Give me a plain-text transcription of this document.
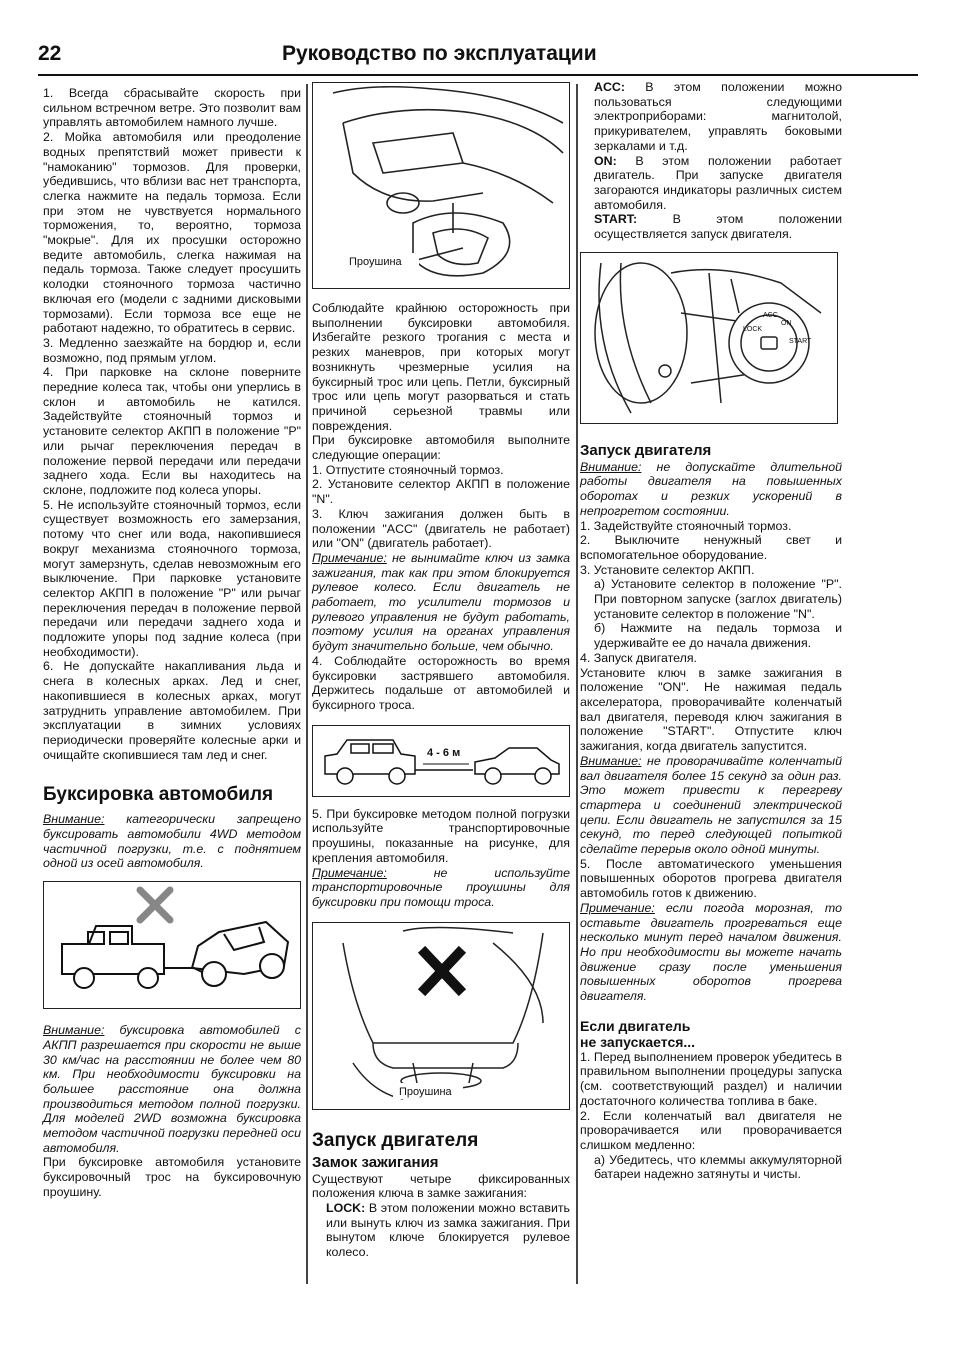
22	Руководство по эксплуатации

1. Всегда сбрасывайте скорость при сильном встречном ветре. Это позволит вам управлять автомобилем намного лучше.

2. Мойка автомобиля или преодоление водных препятствий может привести к "намоканию" тормозов. Для проверки, убедившись, что вблизи вас нет транспорта, слегка нажмите на педаль тормоза. Если при этом не чувствуется нормального торможения, то, вероятно, тормоза "мокрые". Для их просушки осторожно ведите автомобиль, слегка нажимая на педаль тормоза. Также следует просушить колодки стояночного тормоза частично включая его (модели с задними дисковыми тормозами). Если тормоза все еще не работают надежно, то обратитесь в сервис.

3. Медленно заезжайте на бордюр и, если возможно, под прямым углом.

4. При парковке на склоне поверните передние колеса так, чтобы они уперлись в склон и автомобиль не катился. Задействуйте стояночный тормоз и установите селектор АКПП в положение "P" или рычаг переключения передач в положение первой передачи или передачи заднего хода. Если вы находитесь на склоне, подложите под колеса упоры.

5. Не используйте стояночный тормоз, если существует возможность его замерзания, потому что снег или вода, накопившиеся вокруг механизма стояночного тормоза, могут замерзнуть, сделав невозможным его выключение. При парковке установите селектор АКПП в положение "P" или рычаг переключения передач в положение первой передачи или передачи заднего хода и подложите упоры под задние колеса (при необходимости).

6. Не допускайте накапливания льда и снега в колесных арках. Лед и снег, накопившиеся в колесных арках, могут затруднить управление автомобилем. При эксплуатации в зимних условиях периодически проверяйте колесные арки и очищайте скопившиеся там лед и снег.

Буксировка автомобиля

Внимание: категорически запрещено буксировать автомобили 4WD методом частичной погрузки, т.е. с поднятием одной из осей автомобиля.

Внимание: буксировка автомобилей с АКПП разрешается при скорости не выше 30 км/час на расстоянии не более чем 80 км. При необходимости буксировки на большее расстояние она должна производиться методом полной погрузки. Для моделей 2WD возможна буксировка методом частичной погрузки передней оси автомобиля.

При буксировке автомобиля установите буксировочный трос на буксировочную проушину.

Проушина

Соблюдайте крайнюю осторожность при выполнении буксировки автомобиля. Избегайте резкого трогания с места и резких маневров, при которых могут возникнуть чрезмерные усилия на буксирный трос или цепь. Петли, буксирный трос или цепь могут разорваться и стать причиной серьезной травмы или повреждения.

При буксировке автомобиля выполните следующие операции:

1. Отпустите стояночный тормоз.

2. Установите селектор АКПП в положение "N".

3. Ключ зажигания должен быть в положении "ACC" (двигатель не работает) или "ON" (двигатель работает).

Примечание: не вынимайте ключ из замка зажигания, так как при этом блокируется рулевое колесо. Если двигатель не работает, то усилители тормозов и рулевого управления не будут работать, поэтому усилия на органах управления будут значительно больше, чем обычно.

4. Соблюдайте осторожность во время буксировки застрявшего автомобиля. Держитесь подальше от автомобилей и буксирного троса.

4 - 6 м

5. При буксировке методом полной погрузки используйте транспортировочные проушины, показанные на рисунке, для крепления автомобиля.

Примечание: не используйте транспортировочные проушины для буксировки при помощи троса.

Проушина
Запуск двигателя
Замок зажигания

Существуют четыре фиксированных положения ключа в замке зажигания:

LOCK: В этом положении можно вставить или вынуть ключ из замка зажигания. При вынутом ключе блокируется рулевое колесо.

ACC: В этом положении можно пользоваться следующими электроприборами: магнитолой, прикуривателем, управлять боковыми зеркалами и т.д.

ON: В этом положении работает двигатель. При запуске двигателя загораются индикаторы различных систем автомобиля.

START: В этом положении осуществляется запуск двигателя.

LOCK
ACC
ON
START
Запуск двигателя

Внимание: не допускайте длительной работы двигателя на повышенных оборотах и резких ускорений в непрогретом состоянии.

1. Задействуйте стояночный тормоз.

2. Выключите ненужный свет и вспомогательное оборудование.

3. Установите селектор АКПП.

а) Установите селектор в положение "P". При повторном запуске (заглох двигатель) установите селектор в положение "N".

б) Нажмите на педаль тормоза и удерживайте ее до начала движения.

4. Запуск двигателя.

Установите ключ в замке зажигания в положение "ON". Не нажимая педаль акселератора, проворачивайте коленчатый вал двигателя, переводя ключ зажигания в положение "START". Отпустите ключ зажигания, когда двигатель запустится.

Внимание: не проворачивайте коленчатый вал двигателя более 15 секунд за один раз. Это может привести к перегреву стартера и соединений электрической цепи. Если двигатель не запустился за 15 секунд, то перед следующей попыткой сделайте перерыв около одной минуты.

5. После автоматического уменьшения повышенных оборотов прогрева двигателя автомобиль готов к движению.

Примечание: если погода морозная, то оставьте двигатель прогреваться еще несколько минут перед началом движения. Но при необходимости вы можете начать движение сразу после уменьшения повышенных оборотов прогрева двигателя.

Если двигатель
не запускается...

1. Перед выполнением проверок убедитесь в правильном выполнении процедуры запуска (см. соответствующий раздел) и наличии достаточного количества топлива в баке.

2. Если коленчатый вал двигателя не проворачивается или проворачивается слишком медленно:

а) Убедитесь, что клеммы аккумуляторной батареи надежно затянуты и чисты.
